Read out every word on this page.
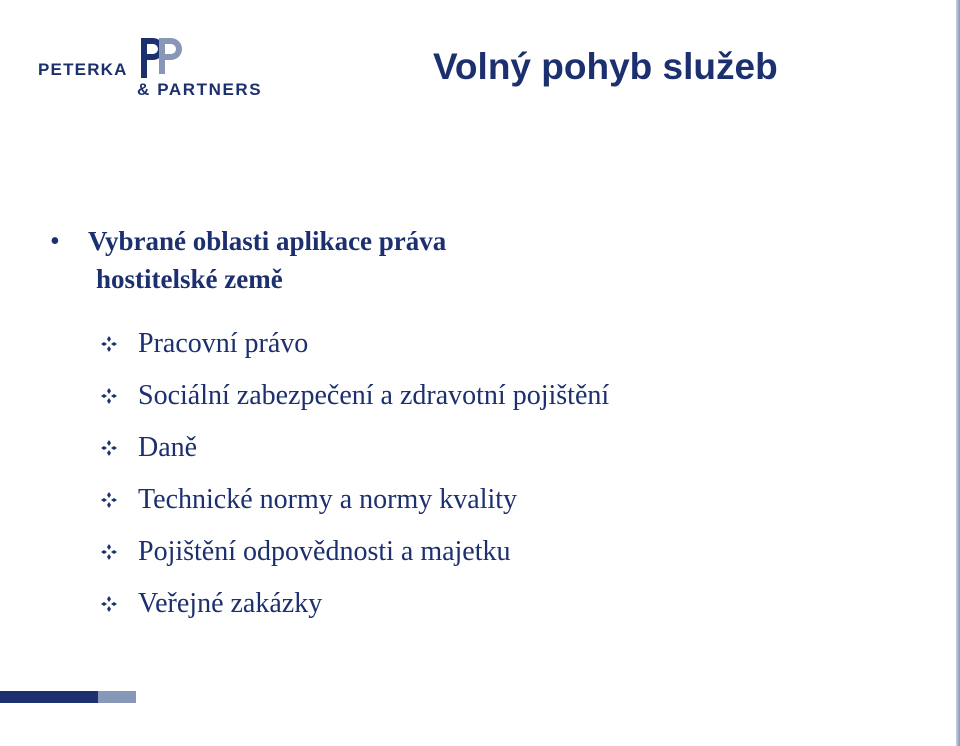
PETERKA
& PARTNERS
Volný pohyb služeb
• Vybrané oblasti aplikace práva
hostitelské země
Pracovní právo
Sociální zabezpečení a zdravotní pojištění
Daně
Technické normy a normy kvality
Pojištění odpovědnosti a majetku
Veřejné zakázky
